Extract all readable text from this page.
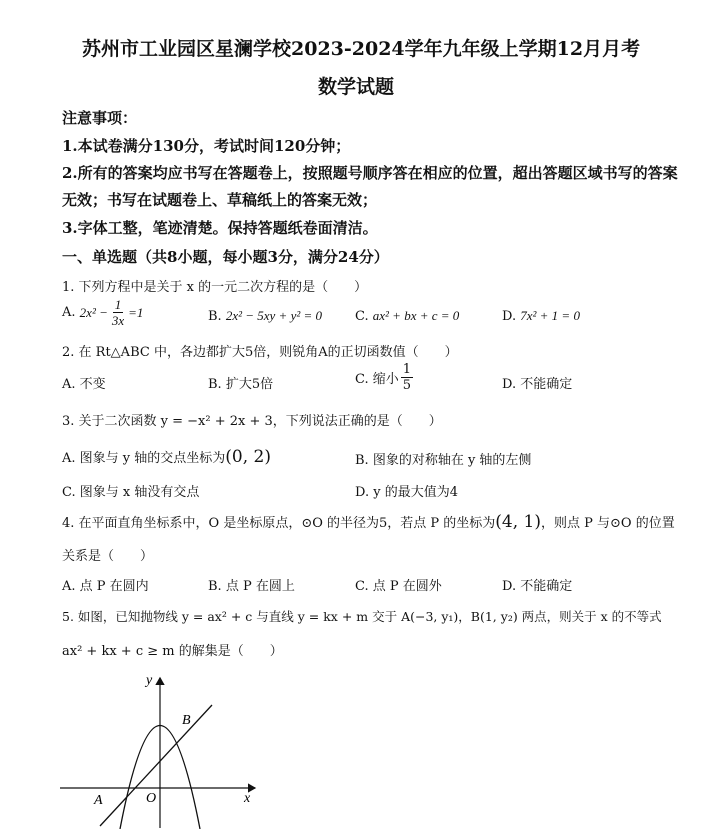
苏州市工业园区星澜学校2023-2024学年九年级上学期12月月考
数学试题
注意事项：
1.本试卷满分130分，考试时间120分钟；
2.所有的答案均应书写在答题卷上，按照题号顺序答在相应的位置，超出答题区域书写的答案
无效；书写在试题卷上、草稿纸上的答案无效；
3.字体工整，笔迹清楚。保持答题纸卷面清洁。
一、单选题（共8小题，每小题3分，满分24分）
1. 下列方程中是关于 x 的一元二次方程的是（　　）
A.
$2x^2 - \frac{1}{3x} =1$	B. 2x² − 5xy + y² = 0	C. ax² + bx + c = 0	D. 7x² + 1 = 0
2. 在 Rt△ABC 中，各边都扩大5倍，则锐角A的正切函数值（　　）
A. 不变	B. 扩大5倍	C. 缩小 $\frac{1}{5}$	D. 不能确定
3. 关于二次函数 y = −x² + 2x + 3，下列说法正确的是（　　）
A. 图象与 y 轴的交点坐标为(0, 2)	B. 图象的对称轴在 y 轴的左侧
C. 图象与 x 轴没有交点	D. y 的最大值为4
4. 在平面直角坐标系中，O 是坐标原点，⊙O 的半径为5，若点 P 的坐标为(4, 1)，则点 P 与⊙O 的位置
关系是（　　）
A. 点 P 在圆内	B. 点 P 在圆上	C. 点 P 在圆外	D. 不能确定
5. 如图，已知抛物线 y = ax² + c 与直线 y = kx + m 交于 A(−3, y₁)，B(1, y₂) 两点，则关于 x 的不等式
ax² + kx + c ≥ m 的解集是（　　）
y
x
O
A
B
